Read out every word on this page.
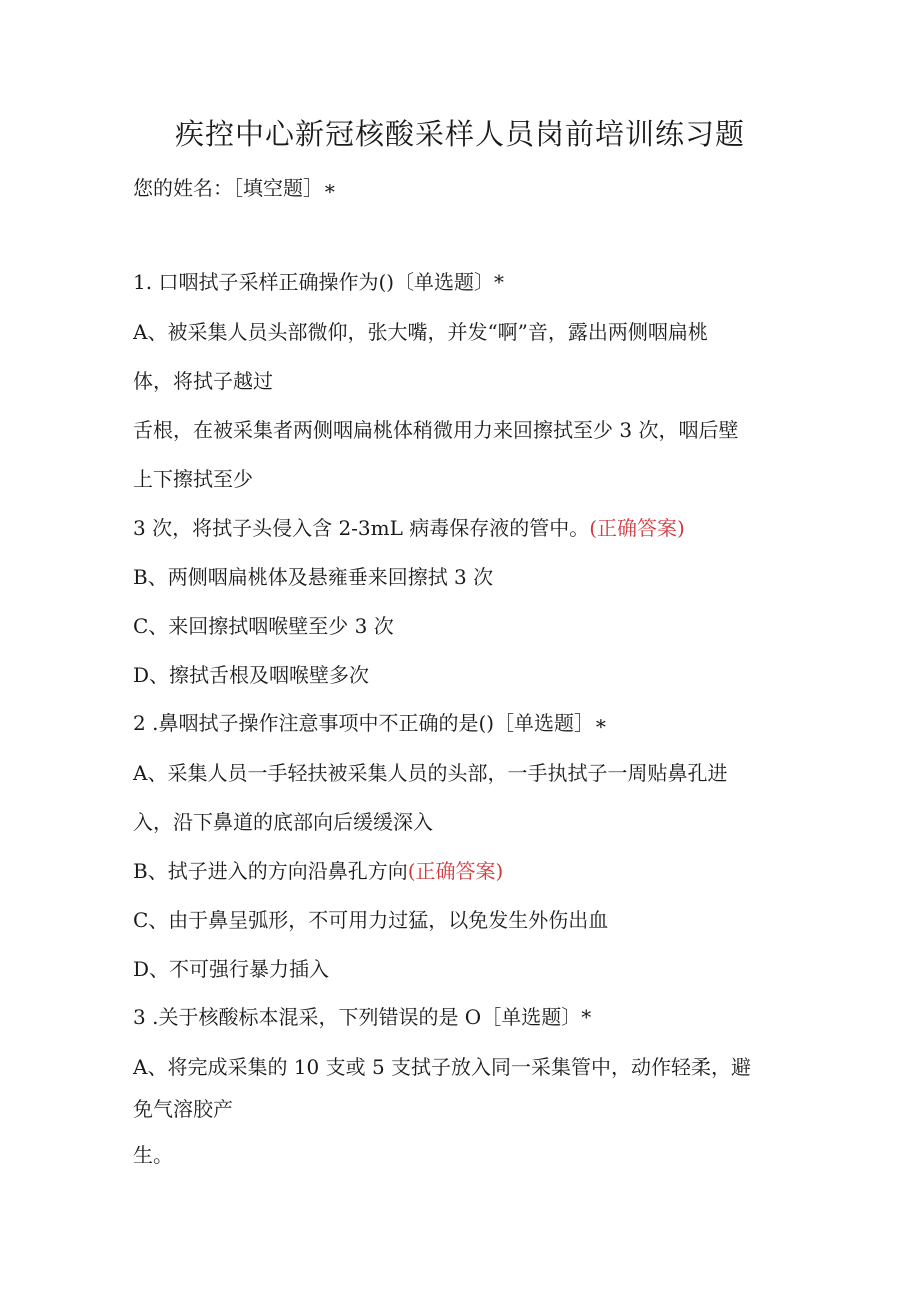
疾控中心新冠核酸采样人员岗前培训练习题
您的姓名：［填空题］∗
1. 口咽拭子采样正确操作为()〔单选题〕*
A、被采集人员头部微仰，张大嘴，并发“啊”音，露出两侧咽扁桃
体，将拭子越过
舌根，在被采集者两侧咽扁桃体稍微用力来回擦拭至少 3 次，咽后壁
上下擦拭至少
3 次，将拭子头侵入含 2-3mL 病毒保存液的管中。(正确答案)
B、两侧咽扁桃体及悬雍垂来回擦拭 3 次
C、来回擦拭咽喉壁至少 3 次
D、擦拭舌根及咽喉壁多次
2 .鼻咽拭子操作注意事项中不正确的是()［单选题］∗
A、采集人员一手轻扶被采集人员的头部，一手执拭子一周贴鼻孔进
入，沿下鼻道的底部向后缓缓深入
B、拭子进入的方向沿鼻孔方向(正确答案)
C、由于鼻呈弧形，不可用力过猛，以免发生外伤出血
D、不可强行暴力插入
3 .关于核酸标本混采，下列错误的是 O［单选题〕*
A、将完成采集的 10 支或 5 支拭子放入同一采集管中，动作轻柔，避
免气溶胶产
生。
